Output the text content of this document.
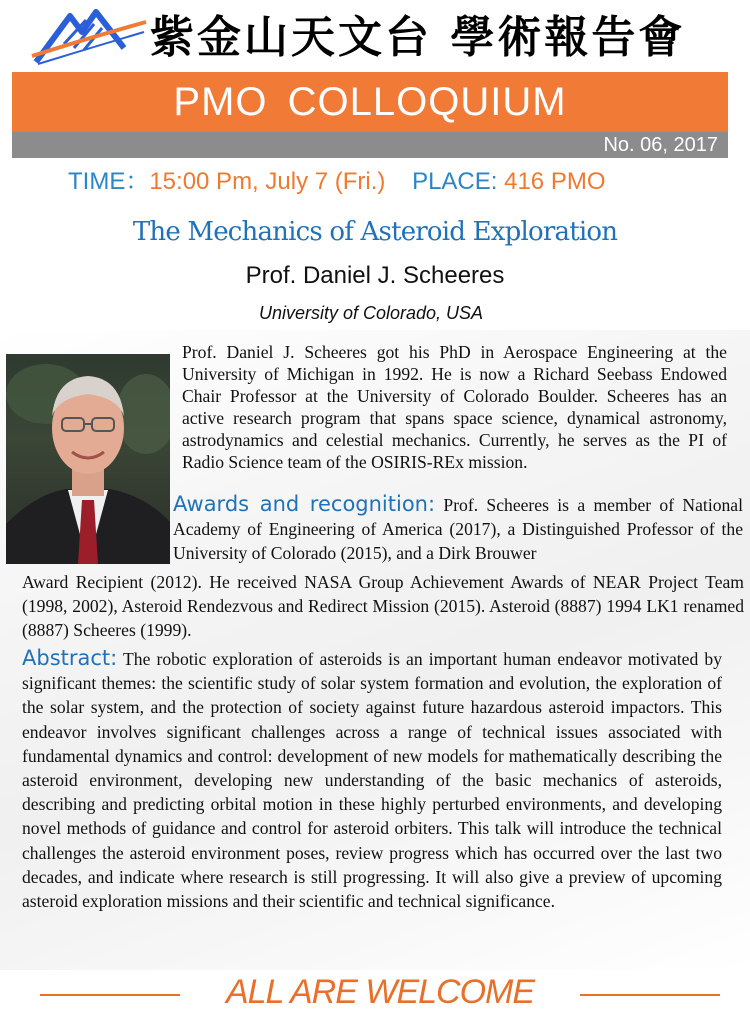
紫金山天文台 學術報告會
PMO COLLOQUIUM
No. 06, 2017
TIME：15:00 Pm, July 7 (Fri.) PLACE: 416 PMO
The Mechanics of Asteroid Exploration
Prof. Daniel J. Scheeres
University of Colorado, USA
Prof. Daniel J. Scheeres got his PhD in Aerospace Engineering at the University of Michigan in 1992. He is now a Richard Seebass Endowed Chair Professor at the University of Colorado Boulder. Scheeres has an active research program that spans space science, dynamical astronomy, astrodynamics and celestial mechanics. Currently, he serves as the PI of Radio Science team of the OSIRIS-REx mission.
Awards and recognition: Prof. Scheeres is a member of National Academy of Engineering of America (2017), a Distinguished Professor of the University of Colorado (2015), and a Dirk Brouwer
Award Recipient (2012). He received NASA Group Achievement Awards of NEAR Project Team (1998, 2002), Asteroid Rendezvous and Redirect Mission (2015). Asteroid (8887) 1994 LK1 renamed (8887) Scheeres (1999).
Abstract: The robotic exploration of asteroids is an important human endeavor motivated by significant themes: the scientific study of solar system formation and evolution, the exploration of the solar system, and the protection of society against future hazardous asteroid impactors. This endeavor involves significant challenges across a range of technical issues associated with fundamental dynamics and control: development of new models for mathematically describing the asteroid environment, developing new understanding of the basic mechanics of asteroids, describing and predicting orbital motion in these highly perturbed environments, and developing novel methods of guidance and control for asteroid orbiters. This talk will introduce the technical challenges the asteroid environment poses, review progress which has occurred over the last two decades, and indicate where research is still progressing. It will also give a preview of upcoming asteroid exploration missions and their scientific and technical significance.
ALL ARE WELCOME
